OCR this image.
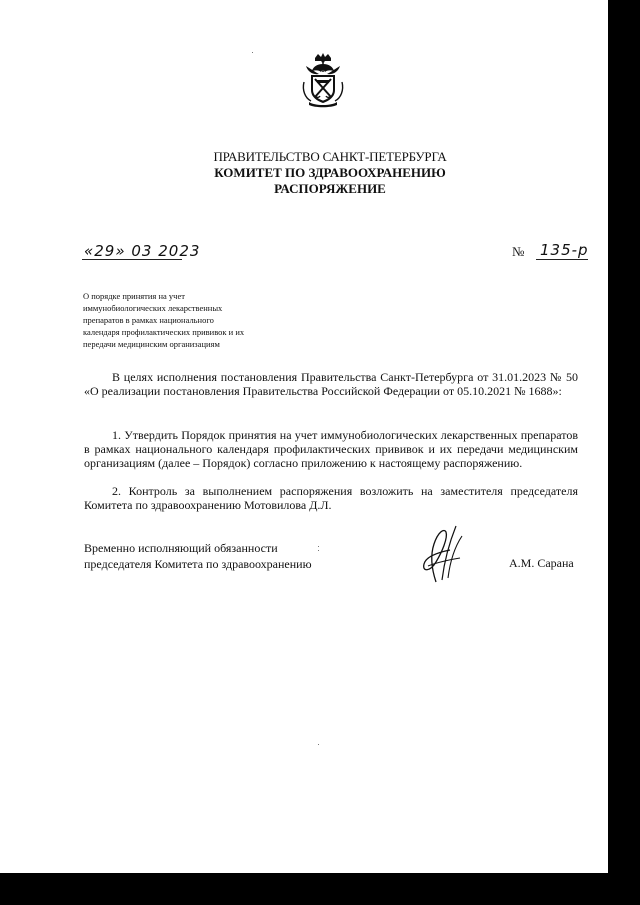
ПРАВИТЕЛЬСТВО САНКТ-ПЕТЕРБУРГА
КОМИТЕТ ПО ЗДРАВООХРАНЕНИЮ
РАСПОРЯЖЕНИЕ
«29» 03 2023	№ 135-р
О порядке принятия на учет
иммунобиологических лекарственных
препаратов в рамках национального
календаря профилактических прививок и их
передачи медицинским организациям
В целях исполнения постановления Правительства Санкт-Петербурга от 31.01.2023 № 50 «О реализации постановления Правительства Российской Федерации от 05.10.2021 № 1688»:
1. Утвердить Порядок принятия на учет иммунобиологических лекарственных препаратов в рамках национального календаря профилактических прививок и их передачи медицинским организациям (далее – Порядок) согласно приложению к настоящему распоряжению.
2. Контроль за выполнением распоряжения возложить на заместителя председателя Комитета по здравоохранению Мотовилова Д.Л.
Временно исполняющий обязанности
председателя Комитета по здравоохранению	А.М. Сарана
